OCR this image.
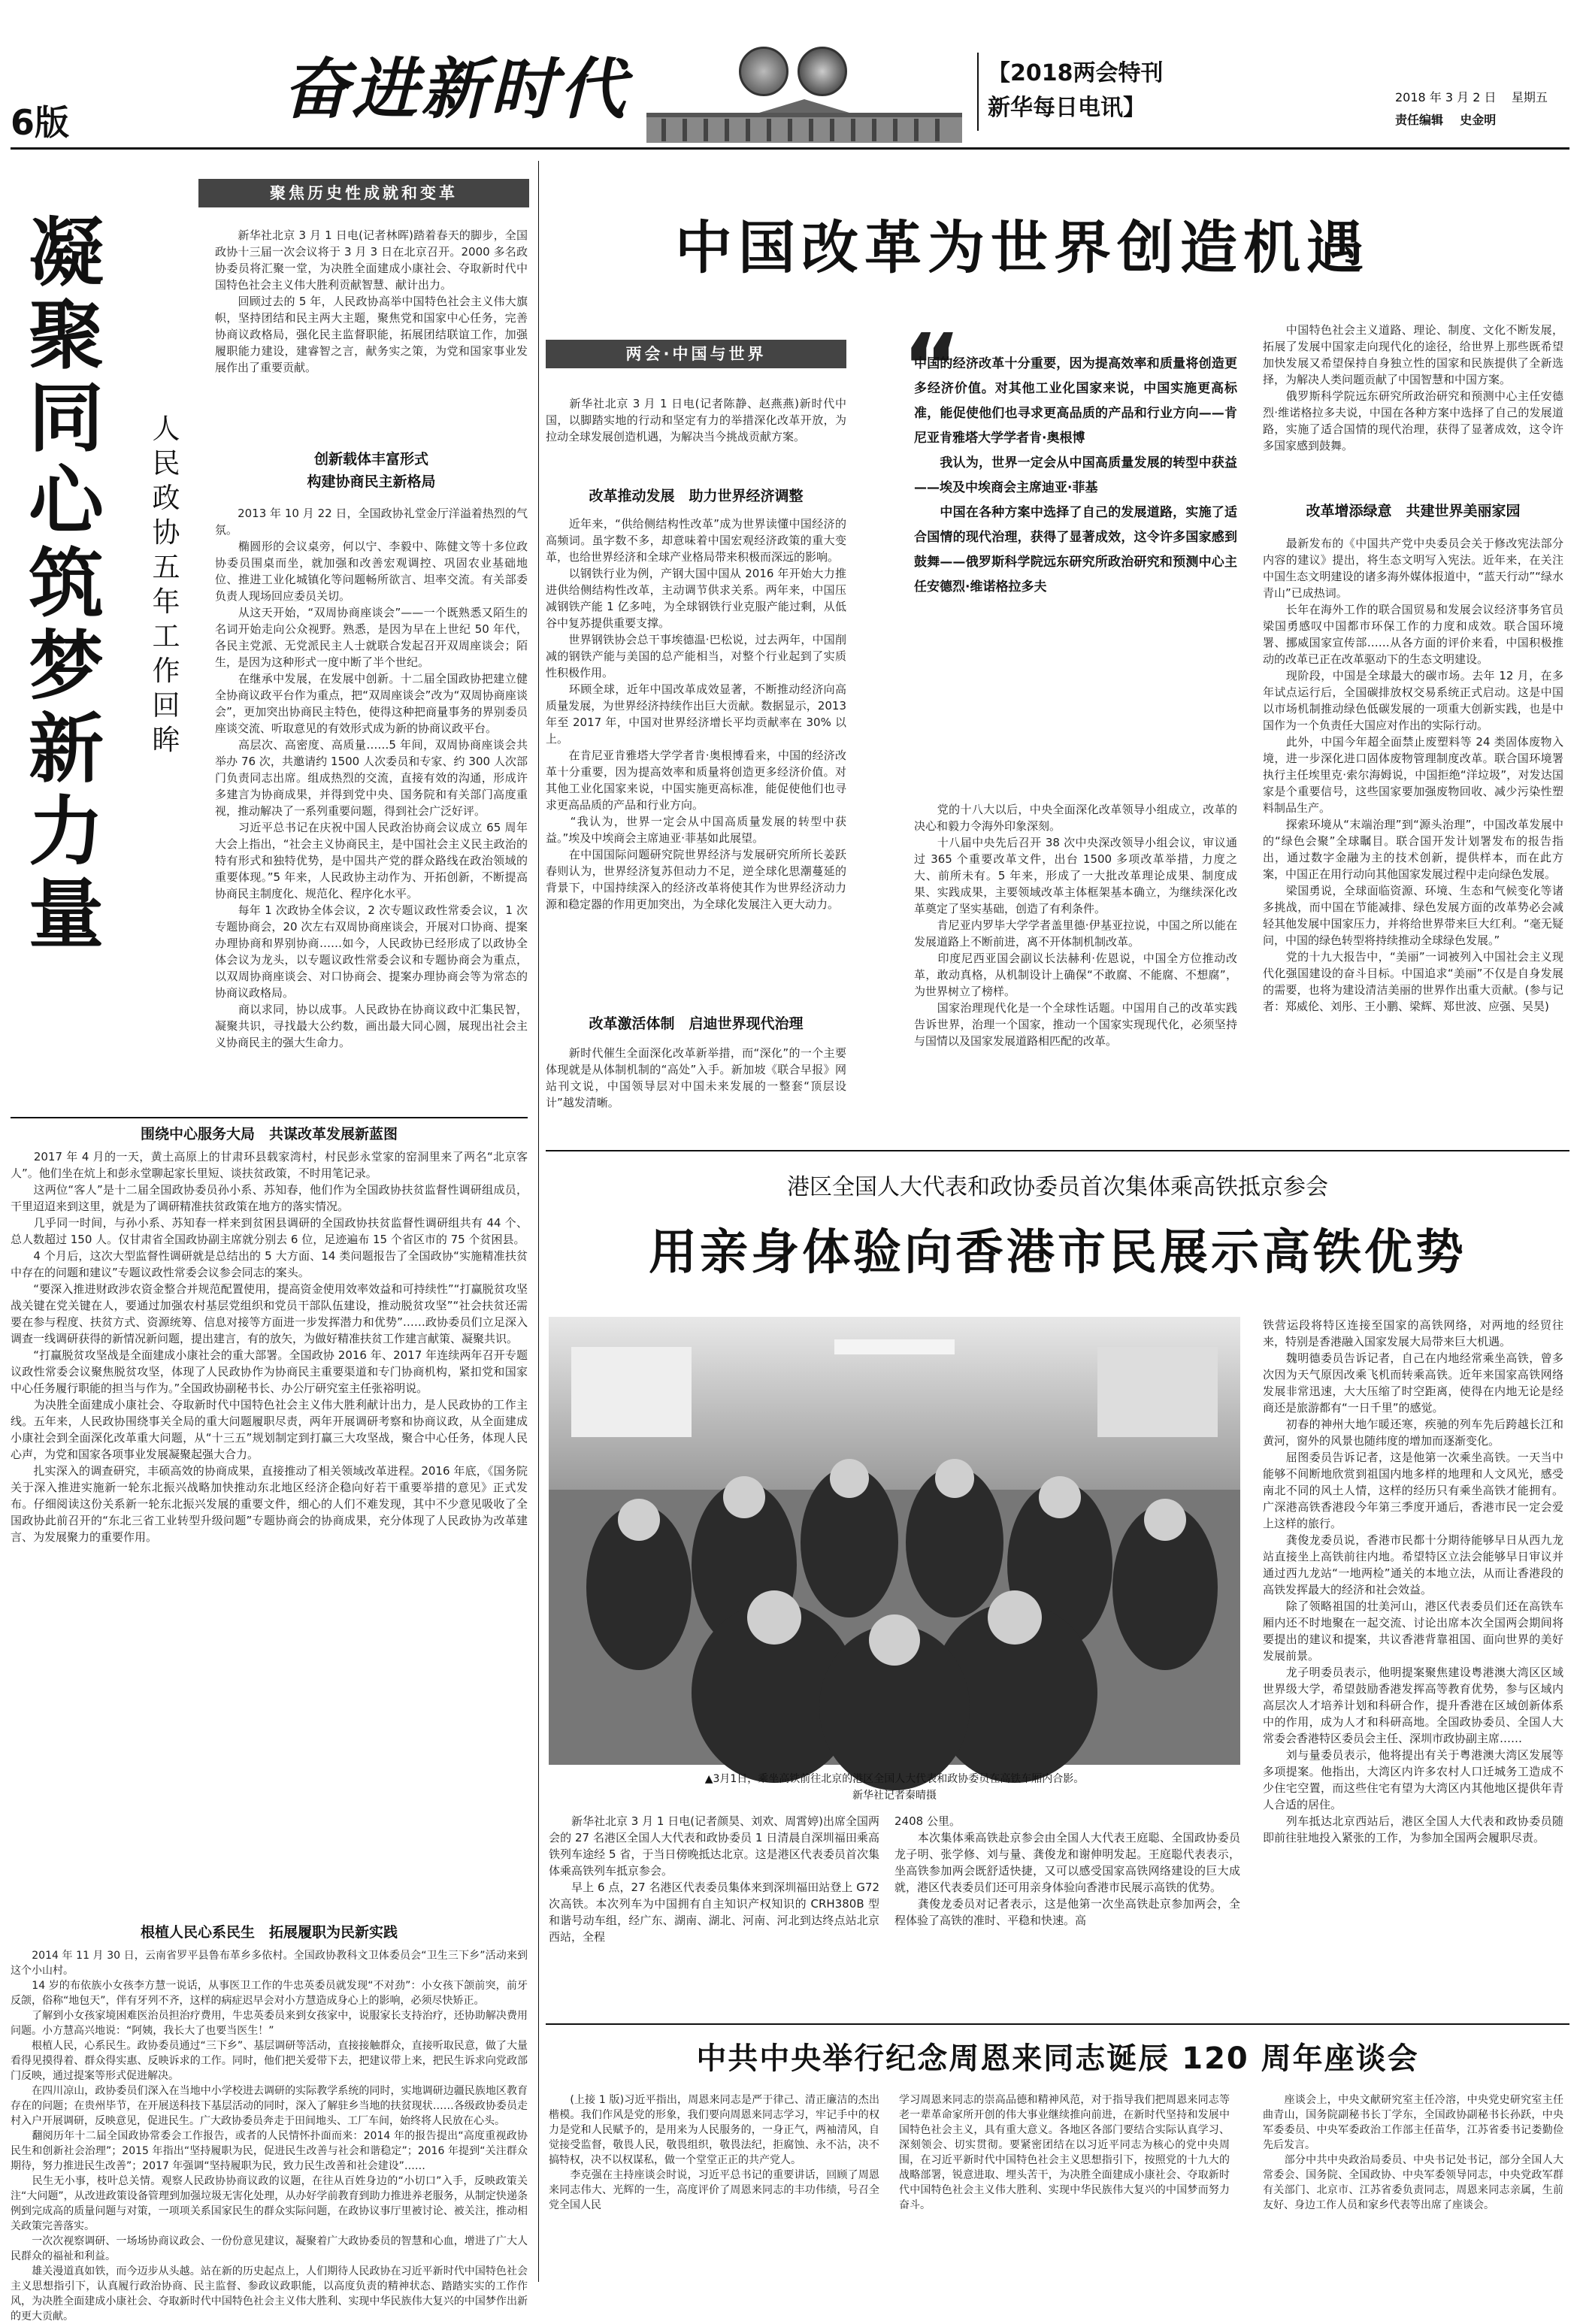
6版	奋进新时代	【2018两会特刊
新华每日电讯】	2018 年 3 月 2 日    星期五
责任编辑    史金明
聚焦历史性成就和变革
凝聚同心筑梦新力量
人民政协五年工作回眸
　　新华社北京 3 月 1 日电(记者林晖)踏着春天的脚步，全国政协十三届一次会议将于 3 月 3 日在北京召开。2000 多名政协委员将汇聚一堂，为决胜全面建成小康社会、夺取新时代中国特色社会主义伟大胜利贡献智慧、献计出力。
　　回顾过去的 5 年，人民政协高举中国特色社会主义伟大旗帜，坚持团结和民主两大主题，聚焦党和国家中心任务，完善协商议政格局，强化民主监督职能，拓展团结联谊工作，加强履职能力建设，建睿智之言，献务实之策，为党和国家事业发展作出了重要贡献。
创新载体丰富形式
构建协商民主新格局
　　2013 年 10 月 22 日，全国政协礼堂金厅洋溢着热烈的气氛。
　　椭圆形的会议桌旁，何以宁、李毅中、陈健文等十多位政协委员围桌而坐，就加强和改善宏观调控、巩固农业基础地位、推进工业化城镇化等问题畅所欲言、坦率交流。有关部委负责人现场回应委员关切。
　　从这天开始，“双周协商座谈会”——一个既熟悉又陌生的名词开始走向公众视野。熟悉，是因为早在上世纪 50 年代，各民主党派、无党派民主人士就联合发起召开双周座谈会；陌生，是因为这种形式一度中断了半个世纪。
　　在继承中发展，在发展中创新。十二届全国政协把建立健全协商议政平台作为重点，把“双周座谈会”改为“双周协商座谈会”，更加突出协商民主特色，使得这种把商量事务的界别委员座谈交流、听取意见的有效形式成为新的协商议政平台。
　　高层次、高密度、高质量……5 年间，双周协商座谈会共举办 76 次，共邀请约 1500 人次委员和专家、约 300 人次部门负责同志出席。组成热烈的交流，直接有效的沟通，形成许多建言为协商成果，并得到党中央、国务院和有关部门高度重视，推动解决了一系列重要问题，得到社会广泛好评。
　　习近平总书记在庆祝中国人民政治协商会议成立 65 周年大会上指出，“社会主义协商民主，是中国社会主义民主政治的特有形式和独特优势，是中国共产党的群众路线在政治领域的重要体现。”5 年来，人民政协主动作为、开拓创新，不断提高协商民主制度化、规范化、程序化水平。
　　每年 1 次政协全体会议，2 次专题议政性常委会议，1 次专题协商会，20 次左右双周协商座谈会，开展对口协商、提案办理协商和界别协商……如今，人民政协已经形成了以政协全体会议为龙头，以专题议政性常委会议和专题协商会为重点，以双周协商座谈会、对口协商会、提案办理协商会等为常态的协商议政格局。
　　商以求同，协以成事。人民政协在协商议政中汇集民智，凝聚共识，寻找最大公约数，画出最大同心圆，展现出社会主义协商民主的强大生命力。
围绕中心服务大局　共谋改革发展新蓝图
　　2017 年 4 月的一天，黄土高原上的甘肃环县载家湾村，村民彭永堂家的窑洞里来了两名“北京客人”。他们坐在炕上和彭永堂聊起家长里短、谈扶贫政策，不时用笔记录。
　　这两位“客人”是十二届全国政协委员孙小系、苏知春，他们作为全国政协扶贫监督性调研组成员，干里迢迢来到这里，就是为了调研精准扶贫政策在地方的落实情况。
　　几乎同一时间，与孙小系、苏知春一样来到贫困县调研的全国政协扶贫监督性调研组共有 44 个、总人数超过 150 人。仅甘肃省全国政协副主席就分别去 6 位，足迹遍布 15 个省区市的 75 个贫困县。
　　4 个月后，这次大型监督性调研就是总结出的 5 大方面、14 类问题报告了全国政协“实施精准扶贫中存在的问题和建议”专题议政性常委会议参会同志的案头。
　　“要深入推进财政涉农资金整合并规范配置使用，提高资金使用效率效益和可持续性”“打赢脱贫攻坚战关键在党关键在人，要通过加强农村基层党组织和党员干部队伍建设，推动脱贫攻坚”“社会扶贫还需要在参与程度、扶贫方式、资源统筹、信息对接等方面进一步发挥潜力和优势”……政协委员们立足深入调查一线调研获得的新情况新问题，提出建言，有的放矢，为做好精准扶贫工作建言献策、凝聚共识。
　　“打赢脱贫攻坚战是全面建成小康社会的重大部署。全国政协 2016 年、2017 年连续两年召开专题议政性常委会议聚焦脱贫攻坚，体现了人民政协作为协商民主重要渠道和专门协商机构，紧扣党和国家中心任务履行职能的担当与作为。”全国政协副秘书长、办公厅研究室主任张裕明说。
　　为决胜全面建成小康社会、夺取新时代中国特色社会主义伟大胜利献计出力，是人民政协的工作主线。五年来，人民政协围绕事关全局的重大问题履职尽责，两年开展调研考察和协商议政，从全面建成小康社会到全面深化改革重大问题，从“十三五”规划制定到打赢三大攻坚战，聚合中心任务，体现人民心声，为党和国家各项事业发展凝聚起强大合力。
　　扎实深入的调查研究，丰硕高效的协商成果，直接推动了相关领域改革进程。2016 年底，《国务院关于深入推进实施新一轮东北振兴战略加快推动东北地区经济企稳向好若干重要举措的意见》正式发布。仔细阅读这份关系新一轮东北振兴发展的重要文件，细心的人们不难发现，其中不少意见吸收了全国政协此前召开的“东北三省工业转型升级问题”专题协商会的协商成果，充分体现了人民政协为改革建言、为发展聚力的重要作用。
根植人民心系民生　拓展履职为民新实践
　　2014 年 11 月 30 日，云南省罗平县鲁布革乡多依村。全国政协教科文卫体委员会“卫生三下乡”活动来到这个小山村。
　　14 岁的布依族小女孩李方慧一说话，从事医卫工作的牛忠英委员就发现“不对劲”：小女孩下颌前突，前牙反颌，俗称“地包天”，伴有牙列不齐，这样的病症迟早会对小方慧造成身心上的影响，必须尽快矫正。
　　了解到小女孩家境困难医治员担治疗费用，牛忠英委员来到女孩家中，说服家长支持治疗，还协助解决费用问题。小方慧高兴地说：“阿姨，我长大了也要当医生！”
　　根植人民，心系民生。政协委员通过“三下乡”、基层调研等活动，直接接触群众，直接听取民意，做了大量看得见摸得着、群众得实惠、反映诉求的工作。同时，他们把关爱带下去，把建议带上来，把民生诉求向党政部门反映，通过提案等形式促进解决。
　　在四川凉山，政协委员们深入在当地中小学校进去调研的实际教学系统的同时，实地调研边疆民族地区教育存在的问题；在贵州毕节，在开展送科技下基层活动的同时，深入了解驻乡当地的扶贫现状……各级政协委员走村入户开展调研，反映意见，促进民生。广大政协委员奔走于田间地头、工厂车间，始终将人民放在心头。
　　翻阅历年十二届全国政协常委会工作报告，或者的人民情怀扑面而来：2014 年的报告提出“高度重视政协民生和创新社会治理”；2015 年指出“坚持履职为民，促进民生改善与社会和谐稳定”；2016 年提到“关注群众期待，努力推进民生改善”；2017 年强调“坚持履职为民，致力民生改善和社会建设”……
　　民生无小事，枝叶总关情。观察人民政协协商议政的议题，在往从百姓身边的“小切口”入手，反映政策关注“大问题”，从改进政策设备管理到加强垃圾无害化处理，从办好学前教育到助力推进养老服务，从制定快递条例到完成高的质量问题与对策，一项项关系国家民生的群众实际问题，在政协议事厅里被讨论、被关注，推动相关政策完善落实。
　　一次次视察调研、一场场协商议政会、一份份意见建议，凝聚着广大政协委员的智慧和心血，增进了广大人民群众的福祉和利益。
　　雄关漫道真如铁，而今迈步从头越。站在新的历史起点上，人们期待人民政协在习近平新时代中国特色社会主义思想指引下，认真履行政治协商、民主监督、参政议政职能，以高度负责的精神状态、踏踏实实的工作作风，为决胜全面建成小康社会、夺取新时代中国特色社会主义伟大胜利、实现中华民族伟大复兴的中国梦作出新的更大贡献。
中国改革为世界创造机遇
两会·中国与世界
　　新华社北京 3 月 1 日电(记者陈静、赵燕燕)新时代中国，以脚踏实地的行动和坚定有力的举措深化改革开放，为拉动全球发展创造机遇，为解决当今挑战贡献方案。
改革推动发展　助力世界经济调整
　　近年来，“供给侧结构性改革”成为世界读懂中国经济的高频词。虽字数不多，却意味着中国宏观经济政策的重大变革，也给世界经济和全球产业格局带来积极而深远的影响。
　　以钢铁行业为例，产钢大国中国从 2016 年开始大力推进供给侧结构性改革，主动调节供求关系。两年来，中国压减钢铁产能 1 亿多吨，为全球钢铁行业克服产能过剩，从低谷中复苏提供重要支撑。
　　世界钢铁协会总干事埃德温·巴松说，过去两年，中国削减的钢铁产能与美国的总产能相当，对整个行业起到了实质性积极作用。
　　环顾全球，近年中国改革成效显著，不断推动经济向高质量发展，为世界经济持续作出巨大贡献。数据显示，2013 年至 2017 年，中国对世界经济增长平均贡献率在 30% 以上。
　　在肯尼亚肯雅塔大学学者肯·奥根博看来，中国的经济改革十分重要，因为提高效率和质量将创造更多经济价值。对其他工业化国家来说，中国实施更高标准，能促使他们也寻求更高品质的产品和行业方向。
　　“我认为，世界一定会从中国高质量发展的转型中获益。”埃及中埃商会主席迪亚·菲基如此展望。
　　在中国国际问题研究院世界经济与发展研究所所长姜跃春则认为，世界经济复苏但动力不足，逆全球化思潮蔓延的背景下，中国持续深入的经济改革将使其作为世界经济动力源和稳定器的作用更加突出，为全球化发展注入更大动力。
改革激活体制　启迪世界现代治理
　　新时代催生全面深化改革新举措，而“深化”的一个主要体现就是从体制机制的“高处”入手。新加坡《联合早报》网站刊文说，中国领导层对中国未来发展的一整套“顶层设计”越发清晰。
“
中国的经济改革十分重要，因为提高效率和质量将创造更多经济价值。对其他工业化国家来说，中国实施更高标准，能促使他们也寻求更高品质的产品和行业方向——肯尼亚肯雅塔大学学者肯·奥根博
　　我认为，世界一定会从中国高质量发展的转型中获益——埃及中埃商会主席迪亚·菲基
　　中国在各种方案中选择了自己的发展道路，实施了适合国情的现代治理，获得了显著成效，这令许多国家感到鼓舞——俄罗斯科学院远东研究所政治研究和预测中心主任安德烈·维诺格拉多夫
　　党的十八大以后，中央全面深化改革领导小组成立，改革的决心和毅力令海外印象深刻。
　　十八届中央先后召开 38 次中央深改领导小组会议，审议通过 365 个重要改革文件，出台 1500 多项改革举措，力度之大、前所未有。5 年来，形成了一大批改革理论成果、制度成果、实践成果，主要领域改革主体框架基本确立，为继续深化改革奠定了坚实基础，创造了有利条件。
　　肯尼亚内罗毕大学学者盖里德·伊基亚拉说，中国之所以能在发展道路上不断前进，离不开体制机制改革。
　　印度尼西亚国会副议长法赫利·佐恩说，中国全方位推动改革，敢动真格，从机制设计上确保“不敢腐、不能腐、不想腐”，为世界树立了榜样。
　　国家治理现代化是一个全球性话题。中国用自己的改革实践告诉世界，治理一个国家，推动一个国家实现现代化，必须坚持与国情以及国家发展道路相匹配的改革。
　　中国特色社会主义道路、理论、制度、文化不断发展，拓展了发展中国家走向现代化的途径，给世界上那些既希望加快发展又希望保持自身独立性的国家和民族提供了全新选择，为解决人类问题贡献了中国智慧和中国方案。
　　俄罗斯科学院远东研究所政治研究和预测中心主任安德烈·维诺格拉多夫说，中国在各种方案中选择了自己的发展道路，实施了适合国情的现代治理，获得了显著成效，这令许多国家感到鼓舞。
改革增添绿意　共建世界美丽家园
　　最新发布的《中国共产党中央委员会关于修改宪法部分内容的建议》提出，将生态文明写入宪法。近年来，在关注中国生态文明建设的诸多海外媒体报道中，“蓝天行动”“绿水青山”已成热词。
　　长年在海外工作的联合国贸易和发展会议经济事务官员梁国勇感叹中国都市环保工作的力度和成效。联合国环境署、挪威国家宣传部……从各方面的评价来看，中国积极推动的改革已正在改革驱动下的生态文明建设。
　　现阶段，中国是全球最大的碳市场。去年 12 月，在多年试点运行后，全国碳排放权交易系统正式启动。这是中国以市场机制推动绿色低碳发展的一项重大创新实践，也是中国作为一个负责任大国应对作出的实际行动。
　　此外，中国今年超全面禁止废塑料等 24 类固体废物入境，进一步深化进口固体废物管理制度改革。联合国环境署执行主任埃里克·索尔海姆说，中国拒绝“洋垃圾”，对发达国家是个重要信号，这些国家要加强废物回收、减少污染性塑料制品生产。
　　探索环境从“末端治理”到“源头治理”，中国改革发展中的“绿色会聚”全球瞩目。联合国开发计划署发布的报告指出，通过数字金融为主的技术创新，提供样本，而在此方案，中国正在用行动向其他国家发展过程中走向绿色发展。
　　梁国勇说，全球面临资源、环境、生态和气候变化等诸多挑战，而中国在节能减排、绿色发展方面的改革势必会减轻其他发展中国家压力，并将给世界带来巨大红利。“毫无疑问，中国的绿色转型将持续推动全球绿色发展。”
　　党的十九大报告中，“美丽”一词被列入中国社会主义现代化强国建设的奋斗目标。中国追求“美丽”不仅是自身发展的需要，也将为建设清洁美丽的世界作出重大贡献。(参与记者：郑威伦、刘彤、王小鹏、梁辉、郑世波、应强、吴昊)
港区全国人大代表和政协委员首次集体乘高铁抵京参会
用亲身体验向香港市民展示高铁优势
▲3月1日，乘坐高铁前往北京的港区全国人大代表和政协委员在高铁车厢内合影。
新华社记者秦晴摄
　　新华社北京 3 月 1 日电(记者颜昊、刘欢、周霄婷)出席全国两会的 27 名港区全国人大代表和政协委员 1 日清晨自深圳福田乘高铁列车途经 5 省，于当日傍晚抵达北京。这是港区代表委员首次集体乘高铁列车抵京参会。
　　早上 6 点，27 名港区代表委员集体来到深圳福田站登上 G72 次高铁。本次列车为中国拥有自主知识产权知识的 CRH380B 型和谐号动车组，经广东、湖南、湖北、河南、河北到达终点站北京西站，全程
2408 公里。
　　本次集体乘高铁赴京参会由全国人大代表王庭聪、全国政协委员龙子明、张学修、刘与量、龚俊龙和谢伸明发起。王庭聪代表表示，坐高铁参加两会既舒适快捷，又可以感受国家高铁网络建设的巨大成就，港区代表委员们还可用亲身体验向香港市民展示高铁的优势。
　　龚俊龙委员对记者表示，这是他第一次坐高铁赴京参加两会，全程体验了高铁的准时、平稳和快速。高
铁营运段将特区连接至国家的高铁网络，对两地的经贸往来，特别是香港融入国家发展大局带来巨大机遇。
　　魏明德委员告诉记者，自己在内地经常乘坐高铁，曾多次因为天气原因改乘飞机而转乘高铁。近年来国家高铁网络发展非常迅速，大大压缩了时空距离，使得在内地无论是经商还是旅游都有“一日千里”的感觉。
　　初春的神州大地乍暖还寒，疾驰的列车先后跨越长江和黄河，窗外的风景也随纬度的增加而逐渐变化。
　　屈图委员告诉记者，这是他第一次乘坐高铁。一天当中能够不间断地欣赏到祖国内地多样的地理和人文风光，感受南北不同的风土人情，这样的经历只有乘坐高铁才能拥有。广深港高铁香港段今年第三季度开通后，香港市民一定会爱上这样的旅行。
　　龚俊龙委员说，香港市民都十分期待能够早日从西九龙站直接坐上高铁前往内地。希望特区立法会能够早日审议并通过西九龙站“一地两检”通关的本地立法，从而让香港段的高铁发挥最大的经济和社会效益。
　　除了领略祖国的壮美河山，港区代表委员们还在高铁车厢内还不时地聚在一起交流、讨论出席本次全国两会期间将要提出的建议和提案，共议香港背靠祖国、面向世界的美好发展前景。
　　龙子明委员表示，他明提案聚焦建设粤港澳大湾区区域世界级大学，希望鼓励香港发挥高等教育优势，参与区域内高层次人才培养计划和科研合作，提升香港在区域创新体系中的作用，成为人才和科研高地。全国政协委员、全国人大常委会香港特区委员会主任、深圳市政协副主席……
　　刘与量委员表示，他将提出有关于粤港澳大湾区发展等多项提案。他指出，大湾区内许多农村人口迁城务工造成不少住宅空置，而这些住宅有望为大湾区内其他地区提供年青人合适的居住。
　　列车抵达北京西站后，港区全国人大代表和政协委员随即前往驻地投入紧张的工作，为参加全国两会履职尽责。
中共中央举行纪念周恩来同志诞辰 120 周年座谈会
　　(上接 1 版)习近平指出，周恩来同志是严于律己、清正廉洁的杰出楷模。我们作风是党的形象，我们要向周恩来同志学习，牢记手中的权力是党和人民赋予的，是用来为人民服务的，一身正气，两袖清风，自觉接受监督，敬畏人民，敬畏组织，敬畏法纪，拒腐蚀、永不沾，决不搞特权，决不以权谋私，做一个堂堂正正的共产党人。
　　李克强在主持座谈会时说，习近平总书记的重要讲话，回顾了周恩来同志伟大、光辉的一生，高度评价了周恩来同志的丰功伟绩，号召全党全国人民
学习周恩来同志的崇高品德和精神风范，对于指导我们把周恩来同志等老一辈革命家所开创的伟大事业继续推向前进，在新时代坚持和发展中国特色社会主义，具有重大意义。各地区各部门要结合实际认真学习、深刻领会、切实贯彻。要紧密团结在以习近平同志为核心的党中央周围，在习近平新时代中国特色社会主义思想指引下，按照党的十九大的战略部署，锐意进取、埋头苦干，为决胜全面建成小康社会、夺取新时代中国特色社会主义伟大胜利、实现中华民族伟大复兴的中国梦而努力奋斗。
　　座谈会上，中央文献研究室主任冷溶，中央党史研究室主任曲青山，国务院副秘书长丁学东，全国政协副秘书长孙跃，中央军委委员、中央军委政治工作部主任苗华，江苏省委书记娄勤俭先后发言。
　　部分中共中央政治局委员、中央书记处书记，部分全国人大常委会、国务院、全国政协、中央军委领导同志，中央党政军群有关部门、北京市、江苏省委负责同志，周恩来同志亲属，生前友好、身边工作人员和家乡代表等出席了座谈会。
